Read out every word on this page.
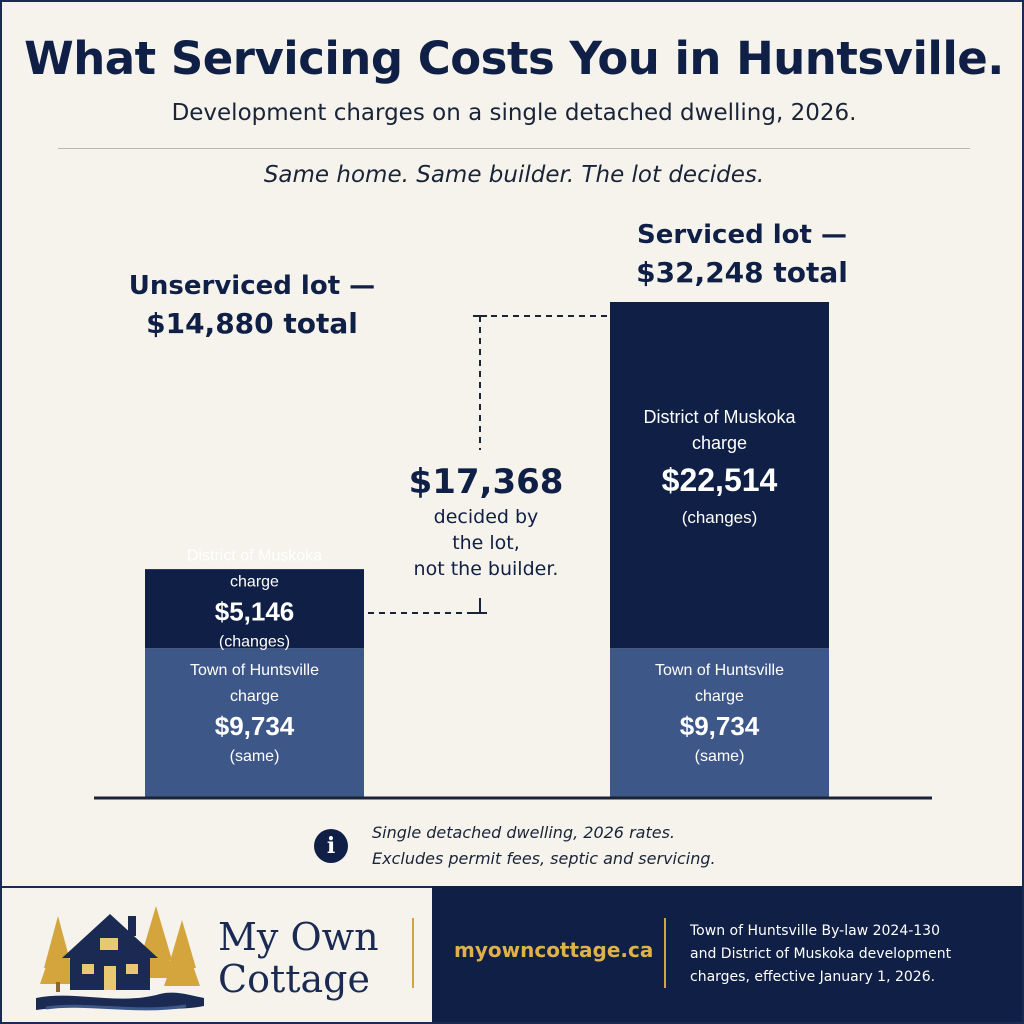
What Servicing Costs You in Huntsville.
Development charges on a single detached dwelling, 2026.
Same home. Same builder. The lot decides.
Town of Huntsville
charge
$9,734
(same)
District of Muskoka
charge
$5,146
(changes)
Town of Huntsville
charge
$9,734
(same)
District of Muskoka
charge
$22,514
(changes)
Unserviced lot —
$14,880 total
Serviced lot —
$32,248 total
$17,368
decided by
the lot,
not the builder.
i
Single detached dwelling, 2026 rates.
Excludes permit fees, septic and servicing.
My Own
Cottage
myowncottage.ca
Town of Huntsville By-law 2024-130
and District of Muskoka development
charges, effective January 1, 2026.
